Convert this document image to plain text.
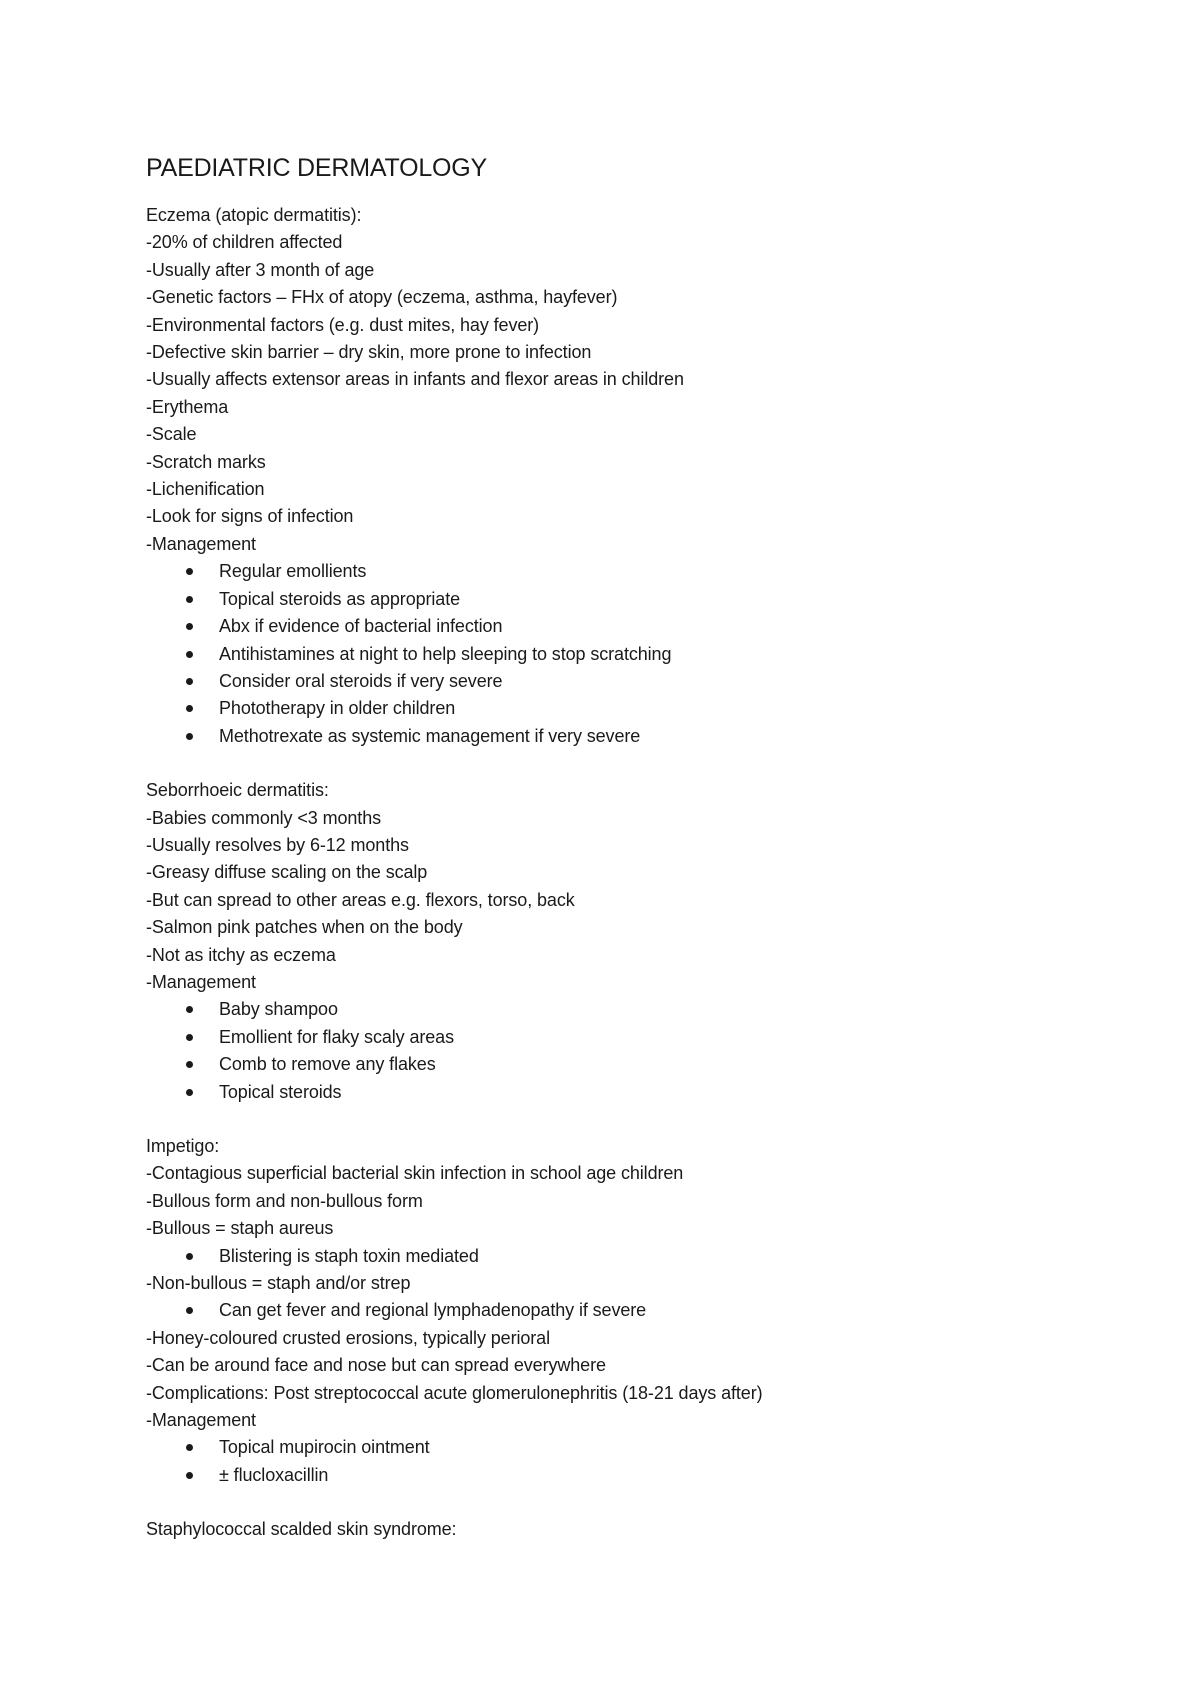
PAEDIATRIC DERMATOLOGY
Eczema (atopic dermatitis):
-20% of children affected
-Usually after 3 month of age
-Genetic factors – FHx of atopy (eczema, asthma, hayfever)
-Environmental factors (e.g. dust mites, hay fever)
-Defective skin barrier – dry skin, more prone to infection
-Usually affects extensor areas in infants and flexor areas in children
-Erythema
-Scale
-Scratch marks
-Lichenification
-Look for signs of infection
-Management
Regular emollients
Topical steroids as appropriate
Abx if evidence of bacterial infection
Antihistamines at night to help sleeping to stop scratching
Consider oral steroids if very severe
Phototherapy in older children
Methotrexate as systemic management if very severe
Seborrhoeic dermatitis:
-Babies commonly <3 months
-Usually resolves by 6-12 months
-Greasy diffuse scaling on the scalp
-But can spread to other areas e.g. flexors, torso, back
-Salmon pink patches when on the body
-Not as itchy as eczema
-Management
Baby shampoo
Emollient for flaky scaly areas
Comb to remove any flakes
Topical steroids
Impetigo:
-Contagious superficial bacterial skin infection in school age children
-Bullous form and non-bullous form
-Bullous = staph aureus
Blistering is staph toxin mediated
-Non-bullous = staph and/or strep
Can get fever and regional lymphadenopathy if severe
-Honey-coloured crusted erosions, typically perioral
-Can be around face and nose but can spread everywhere
-Complications: Post streptococcal acute glomerulonephritis (18-21 days after)
-Management
Topical mupirocin ointment
± flucloxacillin
Staphylococcal scalded skin syndrome:
